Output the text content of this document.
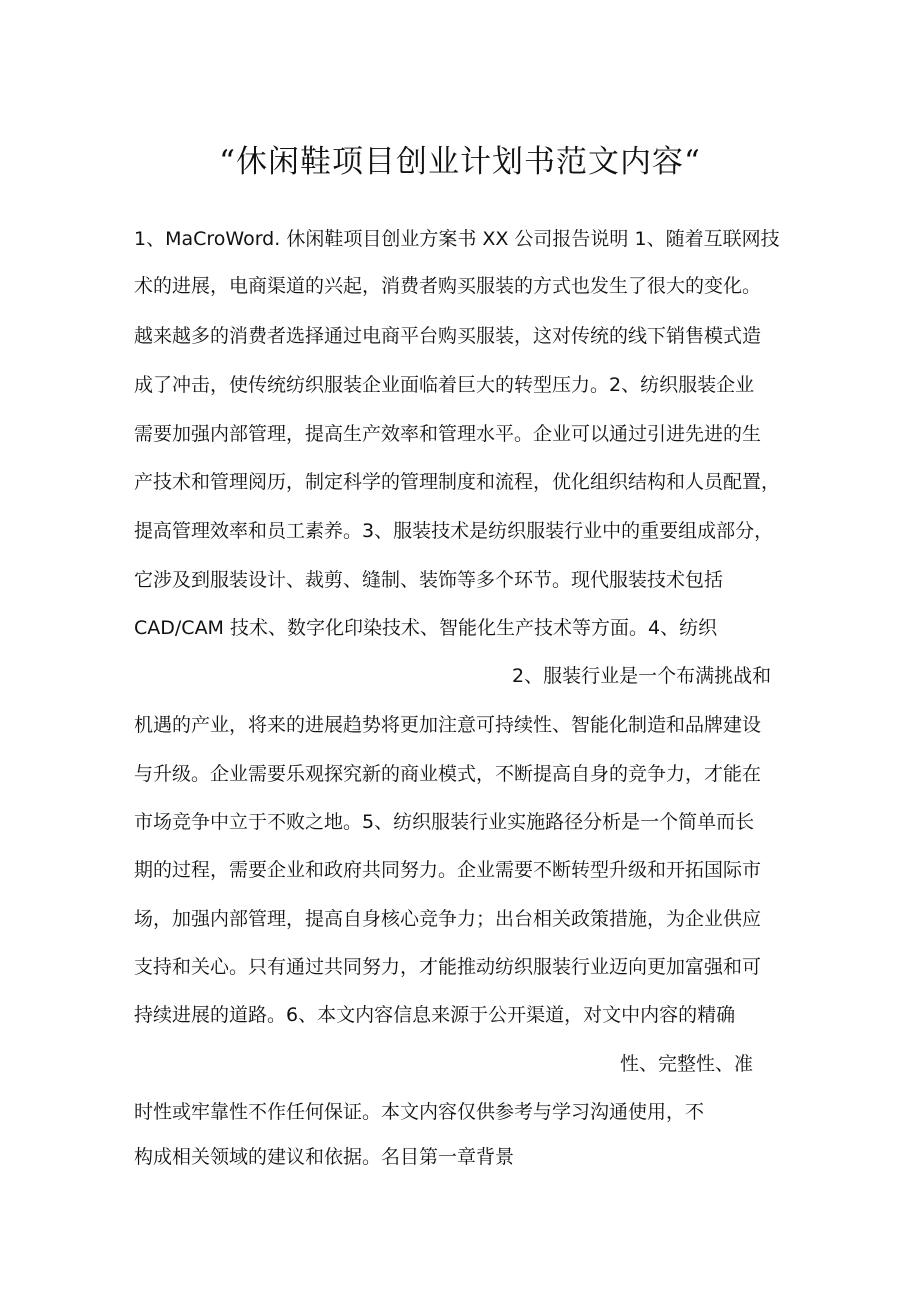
“休闲鞋项目创业计划书范文内容“
1、MaCroWord. 休闲鞋项目创业方案书 XX 公司报告说明 1、随着互联网技
术的进展，电商渠道的兴起，消费者购买服装的方式也发生了很大的变化。
越来越多的消费者选择通过电商平台购买服装，这对传统的线下销售模式造
成了冲击，使传统纺织服装企业面临着巨大的转型压力。2、纺织服装企业
需要加强内部管理，提高生产效率和管理水平。企业可以通过引进先进的生
产技术和管理阅历，制定科学的管理制度和流程，优化组织结构和人员配置，
提高管理效率和员工素养。3、服装技术是纺织服装行业中的重要组成部分，
它涉及到服装设计、裁剪、缝制、装饰等多个环节。现代服装技术包括
CAD/CAM 技术、数字化印染技术、智能化生产技术等方面。4、纺织
2、服装行业是一个布满挑战和
机遇的产业，将来的进展趋势将更加注意可持续性、智能化制造和品牌建设
与升级。企业需要乐观探究新的商业模式，不断提高自身的竞争力，才能在
市场竞争中立于不败之地。5、纺织服装行业实施路径分析是一个简单而长
期的过程，需要企业和政府共同努力。企业需要不断转型升级和开拓国际市
场，加强内部管理，提高自身核心竞争力；出台相关政策措施，为企业供应
支持和关心。只有通过共同努力，才能推动纺织服装行业迈向更加富强和可
持续进展的道路。6、本文内容信息来源于公开渠道，对文中内容的精确
性、完整性、准
时性或牢靠性不作任何保证。本文内容仅供参考与学习沟通使用，不
构成相关领域的建议和依据。名目第一章背景
